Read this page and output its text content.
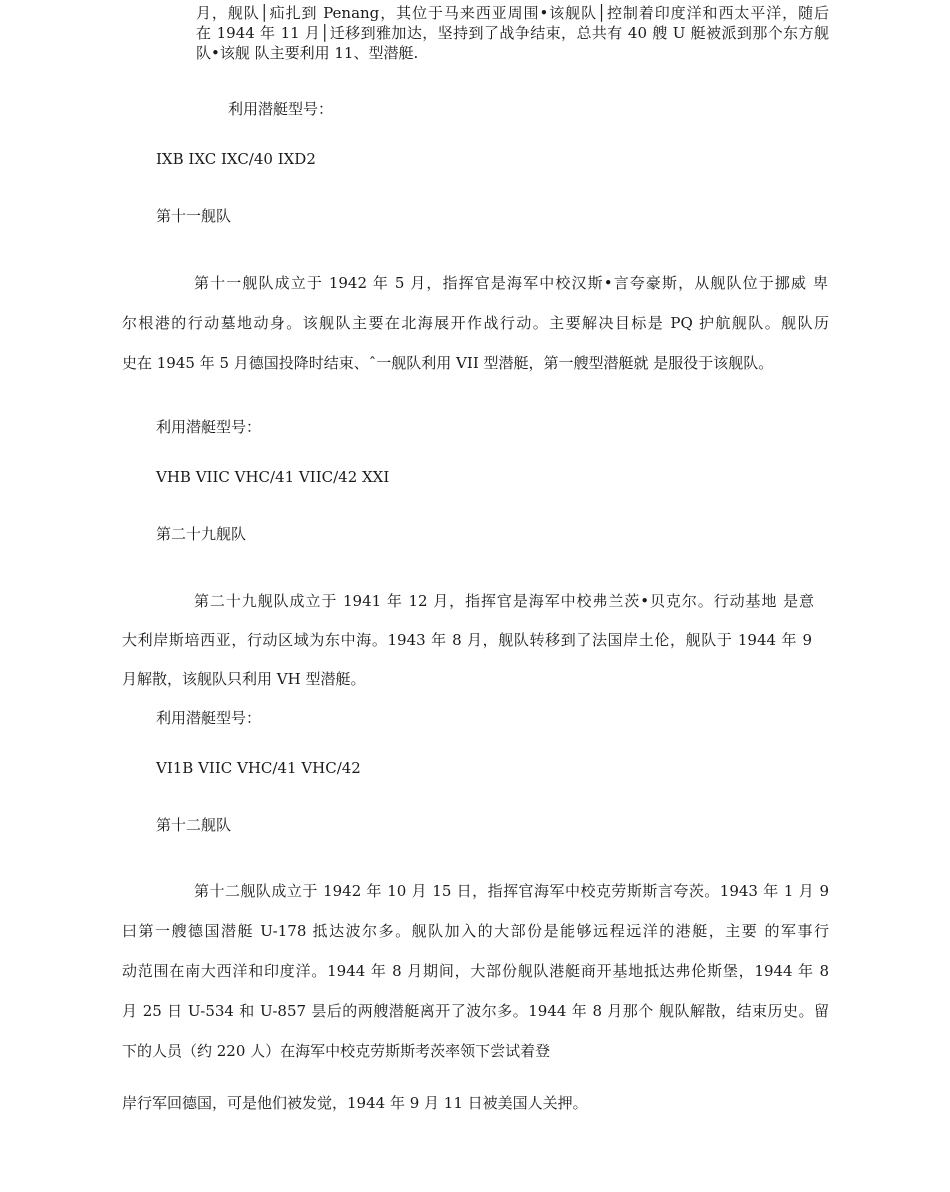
月，舰队│疝扎到 Penang，其位于马来西亚周围•该舰队│控制着印度洋和西太平洋，随后
在 1944 年 11 月│迁移到雅加达，坚持到了战争结束，总共有 40 艘 U 艇被派到那个东方舰
队•该舰 队主要利用 11、型潜艇.
利用潜艇型号：
IXB IXC IXC/40 IXD2
第十一舰队
第十一舰队成立于 1942 年 5 月，指挥官是海军中校汉斯•言夸豪斯，从舰队位于挪威 卑
尔根港的行动墓地动身。该舰队主要在北海展开作战行动。主要解决目标是 PQ 护航舰队。舰队历
史在 1945 年 5 月德国投降时结束、ˆ一舰队利用 VII 型潜艇，第一艘型潜艇就 是服役于该舰队。
利用潜艇型号：
VHB VIIC VHC/41 VIIC/42 XXI
第二十九舰队
第二十九舰队成立于 1941 年 12 月，指挥官是海军中校弗兰茨•贝克尔。行动基地 是意
大利岸斯培西亚，行动区域为东中海。1943 年 8 月，舰队转移到了法国岸土伦，舰队于 1944 年 9
月解散，该舰队只利用 VH 型潜艇。
利用潜艇型号：
VI1B VIIC VHC/41 VHC/42
第十二舰队
第十二舰队成立于 1942 年 10 月 15 日，指挥官海军中校克劳斯斯言夸茨。1943 年 1 月 9
曰第一艘德国潜艇 U-178 抵达波尔多。舰队加入的大部份是能够远程远洋的港艇，主要 的军事行
动范围在南大西洋和印度洋。1944 年 8 月期间，大部份舰队港艇商开基地抵达弗伦斯堡，1944 年 8
月 25 日 U-534 和 U-857 昙后的两艘潜艇离开了波尔多。1944 年 8 月那个 舰队解散，结束历史。留
下的人员（约 220 人）在海军中校克劳斯斯考茨率领下尝试着登
岸行军回德国，可是他们被发觉，1944 年 9 月 11 日被美国人关押。
